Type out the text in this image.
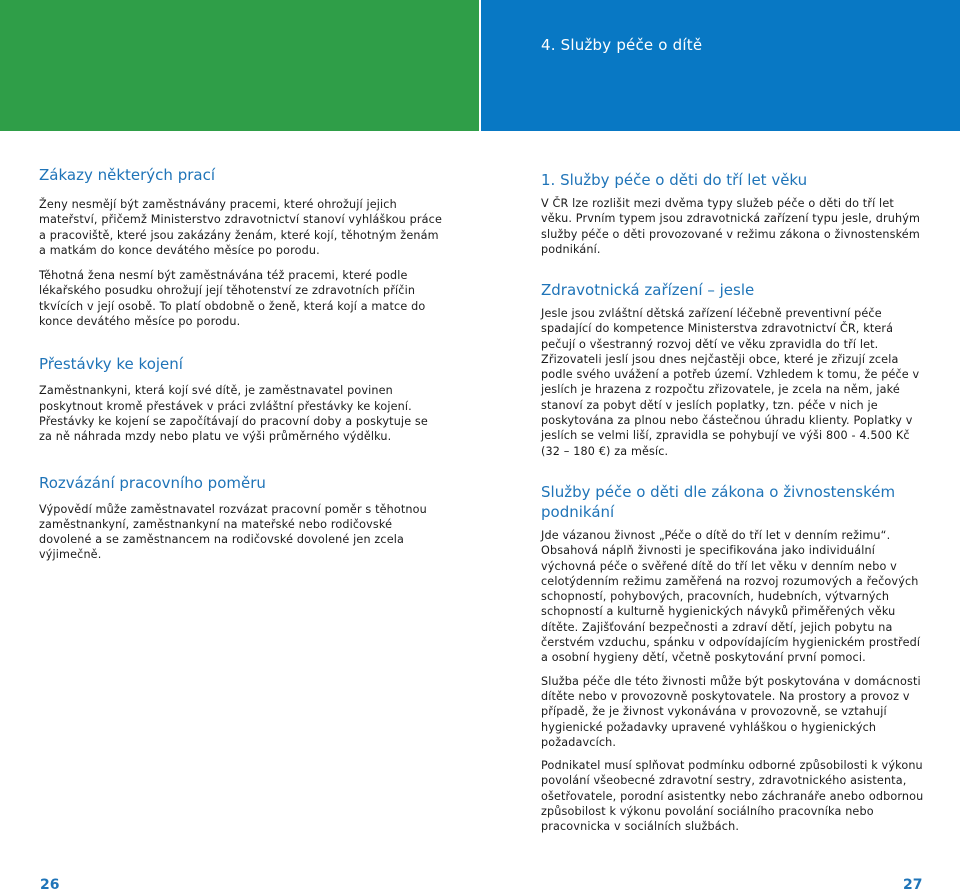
4. Služby péče o dítě
Zákazy některých prací

Ženy nesmějí být zaměstnávány pracemi, které ohrožují jejich mateřství, přičemž Ministerstvo zdravotnictví stanoví vyhláškou práce a pracoviště, které jsou zakázány ženám, které kojí, těhotným ženám a matkám do konce devátého měsíce po porodu.

Těhotná žena nesmí být zaměstnávána též pracemi, které podle lékařského posudku ohrožují její těhotenství ze zdravotních příčin tkvících v její osobě. To platí obdobně o ženě, která kojí a matce do konce devátého měsíce po porodu.

Přestávky ke kojení

Zaměstnankyni, která kojí své dítě, je zaměstnavatel povinen poskytnout kromě přestávek v práci zvláštní přestávky ke kojení. Přestávky ke kojení se započítávají do pracovní doby a poskytuje se za ně náhrada mzdy nebo platu ve výši průměrného výdělku.

Rozvázání pracovního poměru

Výpovědí může zaměstnavatel rozvázat pracovní poměr s těhotnou zaměstnankyní, zaměstnankyní na mateřské nebo rodičovské dovolené a se zaměstnancem na rodičovské dovolené jen zcela výjimečně.

1. Služby péče o děti do tří let věku

V ČR lze rozlišit mezi dvěma typy služeb péče o děti do tří let věku. Prvním typem jsou zdravotnická zařízení typu jesle, druhým služby péče o děti provozované v režimu zákona o živnostenském podnikání.

Zdravotnická zařízení – jesle

Jesle jsou zvláštní dětská zařízení léčebně preventivní péče spadající do kompetence Ministerstva zdravotnictví ČR, která pečují o všestranný rozvoj dětí ve věku zpravidla do tří let. Zřizovateli jeslí jsou dnes nejčastěji obce, které je zřizují zcela podle svého uvážení a potřeb území. Vzhledem k tomu, že péče v jeslích je hrazena z rozpočtu zřizovatele, je zcela na něm, jaké stanoví za pobyt dětí v jeslích poplatky, tzn. péče v nich je poskytována za plnou nebo částečnou úhradu klienty. Poplatky v jeslích se velmi liší, zpravidla se pohybují ve výši 800 - 4.500 Kč (32 – 180 €) za měsíc.

Služby péče o děti dle zákona o živnostenském podnikání

Jde vázanou živnost „Péče o dítě do tří let v denním režimu“. Obsahová náplň živnosti je specifikována jako individuální výchovná péče o svěřené dítě do tří let věku v denním nebo v celotýdenním režimu zaměřená na rozvoj rozumových a řečových schopností, pohybových, pracovních, hudebních, výtvarných schopností a kulturně hygienických návyků přiměřených věku dítěte. Zajišťování bezpečnosti a zdraví dětí, jejich pobytu na čerstvém vzduchu, spánku v odpovídajícím hygienickém prostředí a osobní hygieny dětí, včetně poskytování první pomoci.

Služba péče dle této živnosti může být poskytována v domácnosti dítěte nebo v provozovně poskytovatele. Na prostory a provoz v případě, že je živnost vykonávána v provozovně, se vztahují hygienické požadavky upravené vyhláškou o hygienických požadavcích.

Podnikatel musí splňovat podmínku odborné způsobilosti k výkonu povolání všeobecné zdravotní sestry, zdravotnického asistenta, ošetřovatele, porodní asistentky nebo záchranáře anebo odbornou způsobilost k výkonu povolání sociálního pracovníka nebo pracovnicka v sociálních službách.

26	27
